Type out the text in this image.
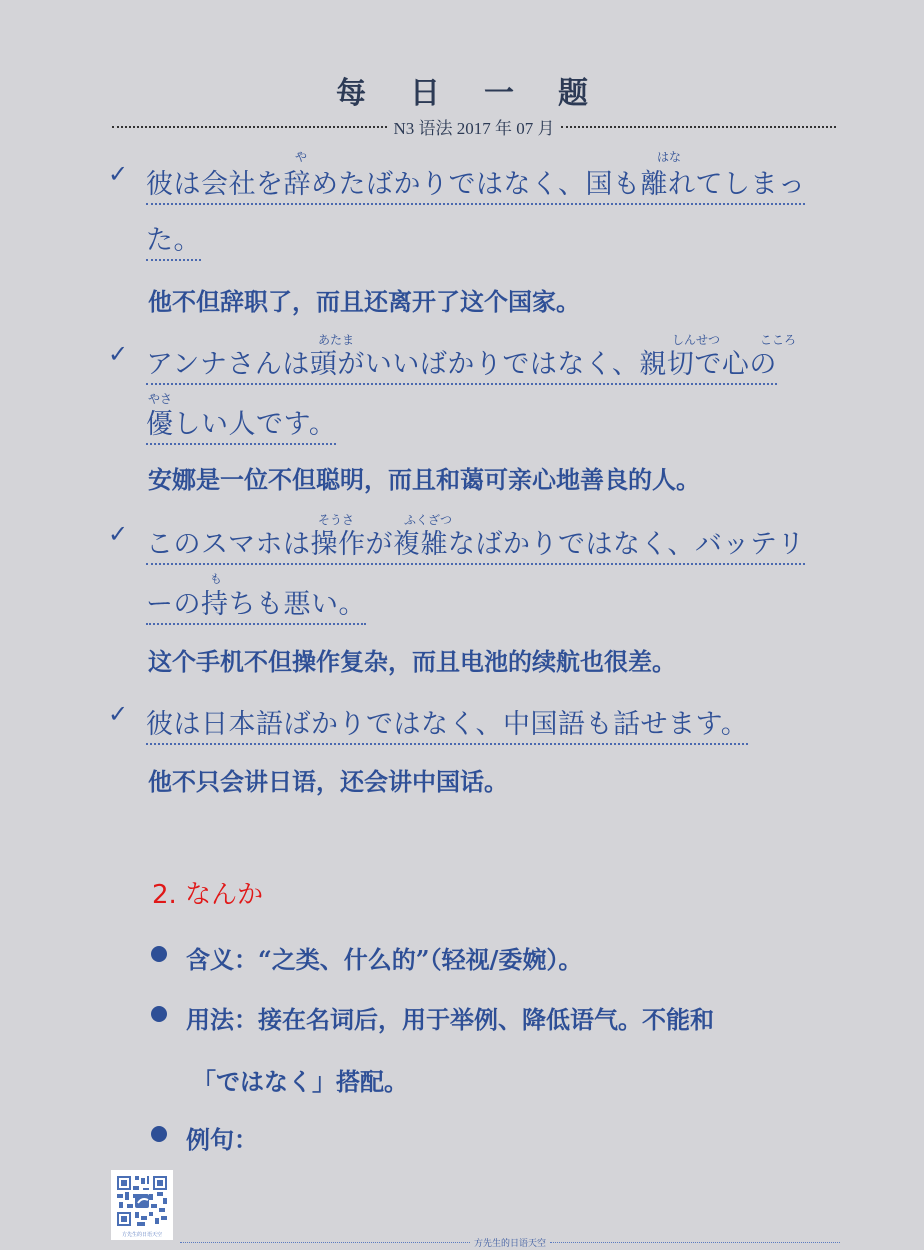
每日一题
N3 语法 2017 年 07 月
✓
や	はな
彼は会社を辞めたばかりではなく、国も離れてしまっ
た。
他不但辞职了，而且还离开了这个国家。
✓	あたま	しんせつ	こころ
アンナさんは頭がいいばかりではなく、親切で心の
やさ
優しい人です。
安娜是一位不但聪明，而且和蔼可亲心地善良的人。
✓	そうさ	ふくざつ
このスマホは操作が複雑なばかりではなく、バッテリ
も
ーの持ちも悪い。
这个手机不但操作复杂，而且电池的续航也很差。
✓ 彼は日本語ばかりではなく、中国語も話せます。
他不只会讲日语，还会讲中国话。
2. なんか
含义：“之类、什么的”（轻视/委婉）。
用法：接在名词后，用于举例、降低语气。不能和
「ではなく」搭配。
例句：
方先生的日语天空
方先生的日语天空
